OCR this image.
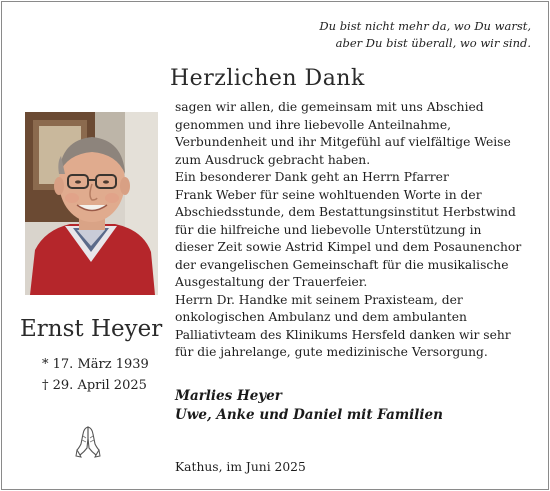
Du bist nicht mehr da, wo Du warst,
aber Du bist überall, wo wir sind.
Herzlichen Dank
Ernst Heyer
* 17. März 1939
† 29. April 2025
sagen wir allen, die gemeinsam mit uns Abschied
genommen und ihre liebevolle Anteilnahme,
Verbundenheit und ihr Mitgefühl auf vielfältige Weise
zum Ausdruck gebracht haben.
Ein besonderer Dank geht an Herrn Pfarrer
Frank Weber für seine wohltuenden Worte in der
Abschiedsstunde, dem Bestattungsinstitut Herbstwind
für die hilfreiche und liebevolle Unterstützung in
dieser Zeit sowie Astrid Kimpel und dem Posaunenchor
der evangelischen Gemeinschaft für die musikalische
Ausgestaltung der Trauerfeier.
Herrn Dr. Handke mit seinem Praxisteam, der
onkologischen Ambulanz und dem ambulanten
Palliativteam des Klinikums Hersfeld danken wir sehr
für die jahrelange, gute medizinische Versorgung.
Marlies Heyer
Uwe, Anke und Daniel mit Familien
Kathus, im Juni 2025
